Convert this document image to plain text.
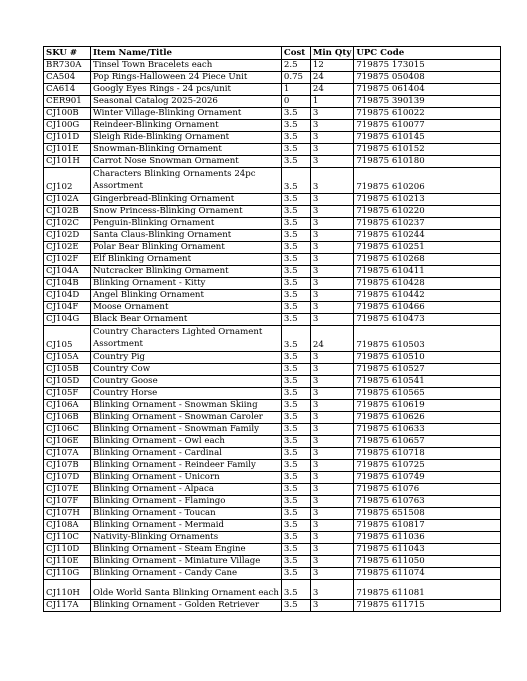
SKU #	Item Name/Title	Cost	Min Qty	UPC Code
BR730A	Tinsel Town Bracelets each	2.5	12	719875 173015
CA504	Pop Rings-Halloween 24 Piece Unit	0.75	24	719875 050408
CA614	Googly Eyes Rings - 24 pcs/unit	1	24	719875 061404
CER901	Seasonal Catalog 2025-2026	0	1	719875 390139
CJ100B	Winter Village-Blinking Ornament	3.5	3	719875 610022
CJ100G	Reindeer-Blinking Ornament	3.5	3	719875 610077
CJ101D	Sleigh Ride-Blinking Ornament	3.5	3	719875 610145
CJ101E	Snowman-Blinking Ornament	3.5	3	719875 610152
CJ101H	Carrot Nose Snowman Ornament	3.5	3	719875 610180
CJ102	Characters Blinking Ornaments 24pc Assortment	3.5	3	719875 610206
CJ102A	Gingerbread-Blinking Ornament	3.5	3	719875 610213
CJ102B	Snow Princess-Blinking Ornament	3.5	3	719875 610220
CJ102C	Penguin-Blinking Ornament	3.5	3	719875 610237
CJ102D	Santa Claus-Blinking Ornament	3.5	3	719875 610244
CJ102E	Polar Bear Blinking Ornament	3.5	3	719875 610251
CJ102F	Elf Blinking Ornament	3.5	3	719875 610268
CJ104A	Nutcracker Blinking Ornament	3.5	3	719875 610411
CJ104B	Blinking Ornament - Kitty	3.5	3	719875 610428
CJ104D	Angel Blinking Ornament	3.5	3	719875 610442
CJ104F	Moose Ornament	3.5	3	719875 610466
CJ104G	Black Bear Ornament	3.5	3	719875 610473
CJ105	Country Characters Lighted Ornament Assortment	3.5	24	719875 610503
CJ105A	Country Pig	3.5	3	719875 610510
CJ105B	Country Cow	3.5	3	719875 610527
CJ105D	Country Goose	3.5	3	719875 610541
CJ105F	Country Horse	3.5	3	719875 610565
CJ106A	Blinking Ornament - Snowman Skiing	3.5	3	719875 610619
CJ106B	Blinking Ornament - Snowman Caroler	3.5	3	719875 610626
CJ106C	Blinking Ornament - Snowman Family	3.5	3	719875 610633
CJ106E	Blinking Ornament - Owl each	3.5	3	719875 610657
CJ107A	Blinking Ornament - Cardinal	3.5	3	719875 610718
CJ107B	Blinking Ornament - Reindeer Family	3.5	3	719875 610725
CJ107D	Blinking Ornament - Unicorn	3.5	3	719875 610749
CJ107E	Blinking Ornament - Alpaca	3.5	3	719875 61076
CJ107F	Blinking Ornament - Flamingo	3.5	3	719875 610763
CJ107H	Blinking Ornament - Toucan	3.5	3	719875 651508
CJ108A	Blinking Ornament - Mermaid	3.5	3	719875 610817
CJ110C	Nativity-Blinking Ornaments	3.5	3	719875 611036
CJ110D	Blinking Ornament - Steam Engine	3.5	3	719875 611043
CJ110E	Blinking Ornament - Miniature Village	3.5	3	719875 611050
CJ110G	Blinking Ornament - Candy Cane	3.5	3	719875 611074
CJ110H	Olde World Santa Blinking Ornament each	3.5	3	719875 611081
CJ117A	Blinking Ornament - Golden Retriever	3.5	3	719875 611715
